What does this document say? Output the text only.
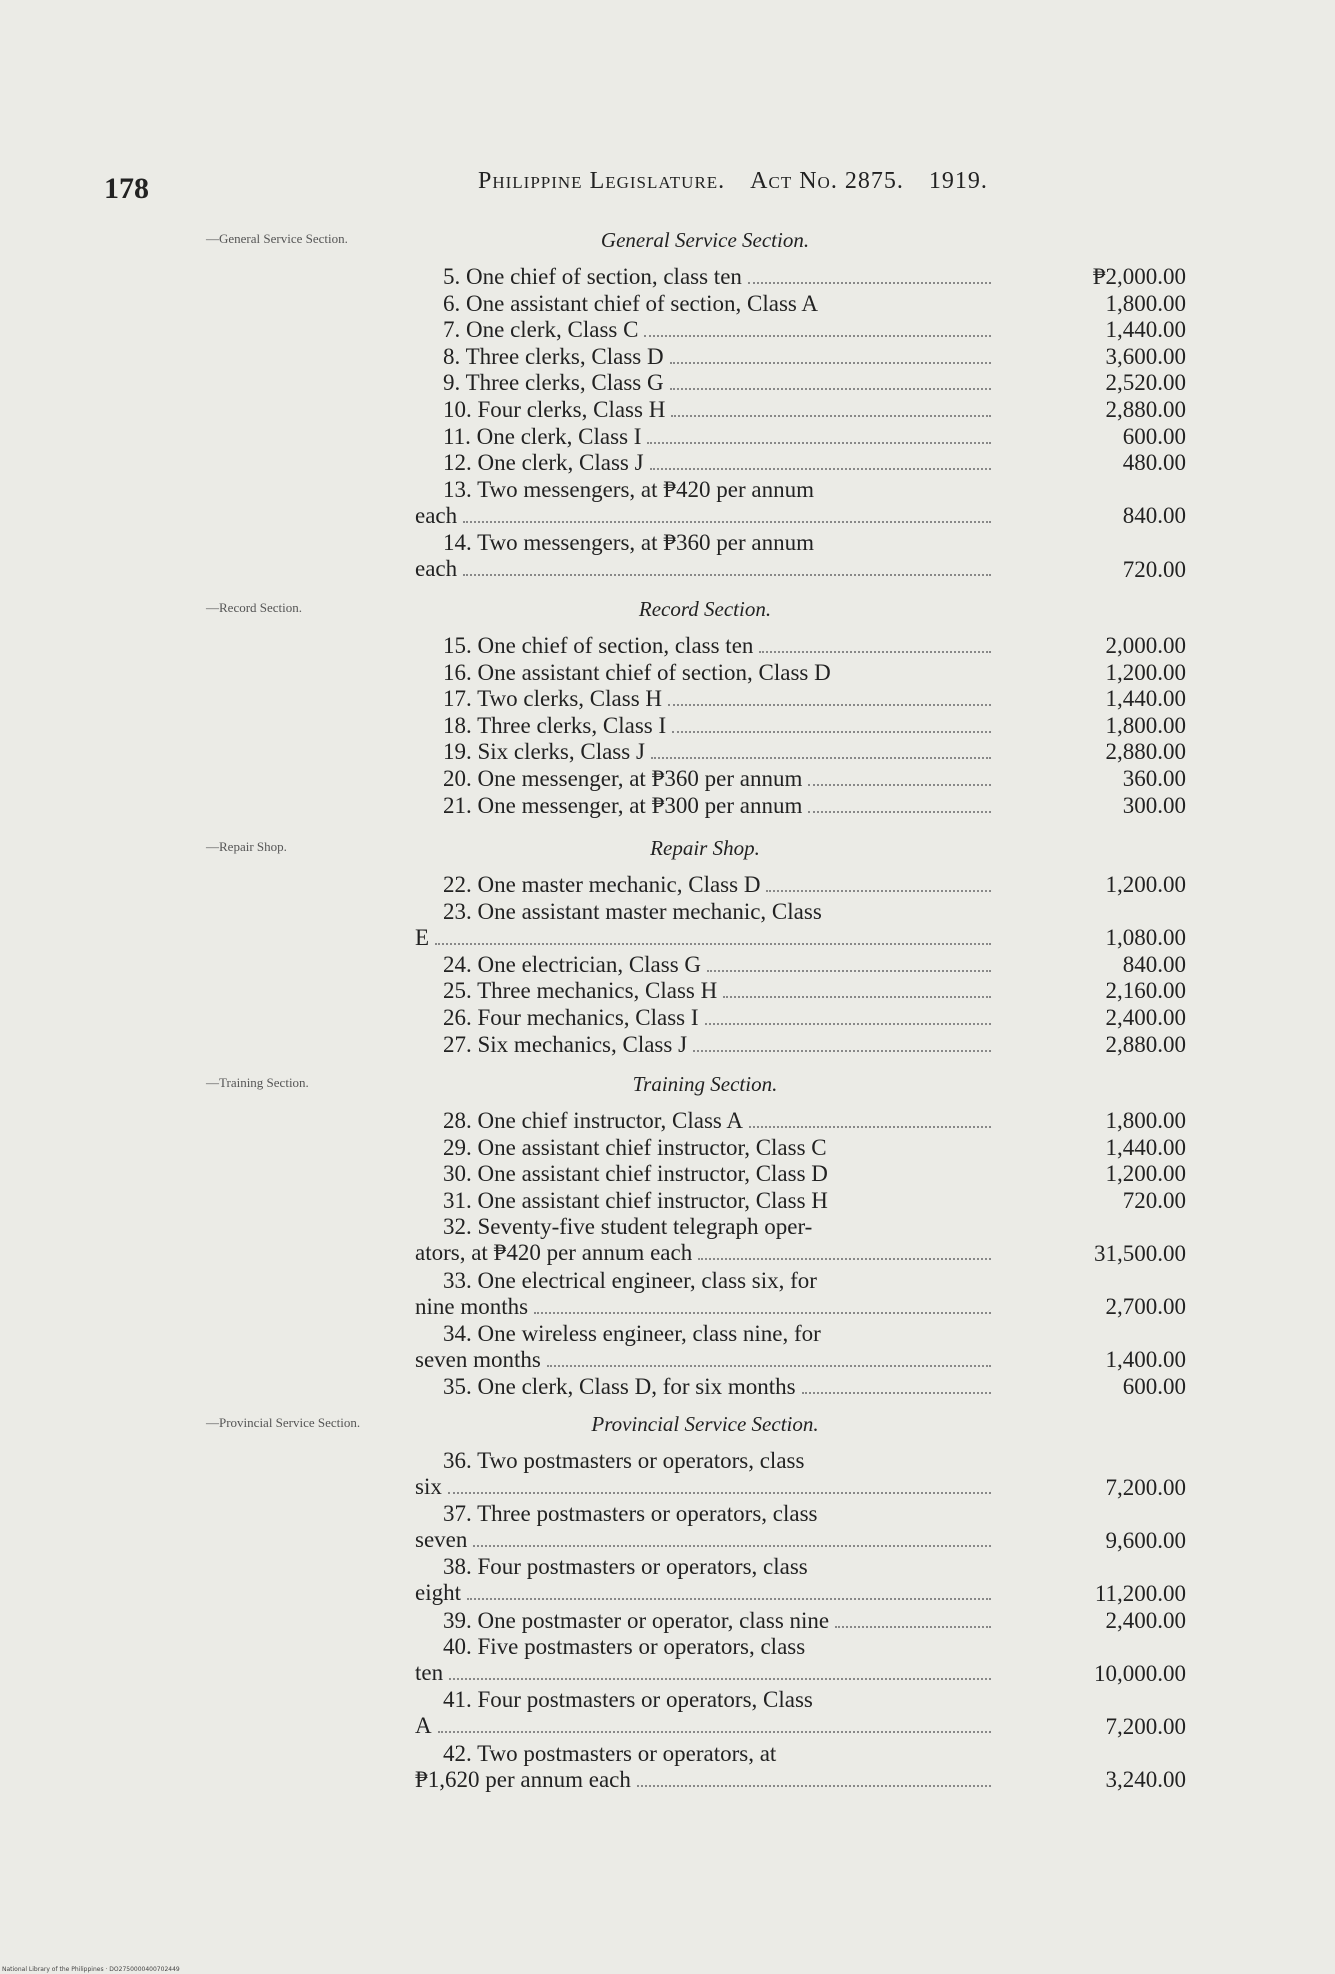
178	Philippine Legislature. Act No. 2875. 1919.
—General Service Section.	General Service Section.
5. One chief of section, class ten	₱2,000.00
6. One assistant chief of section, Class A	1,800.00
7. One clerk, Class C	1,440.00
8. Three clerks, Class D	3,600.00
9. Three clerks, Class G	2,520.00
10. Four clerks, Class H	2,880.00
11. One clerk, Class I	600.00
12. One clerk, Class J	480.00
13. Two messengers, at ₱420 per annum
each	840.00
14. Two messengers, at ₱360 per annum
each	720.00
—Record Section.	Record Section.
15. One chief of section, class ten	2,000.00
16. One assistant chief of section, Class D	1,200.00
17. Two clerks, Class H	1,440.00
18. Three clerks, Class I	1,800.00
19. Six clerks, Class J	2,880.00
20. One messenger, at ₱360 per annum	360.00
21. One messenger, at ₱300 per annum	300.00
—Repair Shop.	Repair Shop.
22. One master mechanic, Class D	1,200.00
23. One assistant master mechanic, Class
E	1,080.00
24. One electrician, Class G	840.00
25. Three mechanics, Class H	2,160.00
26. Four mechanics, Class I	2,400.00
27. Six mechanics, Class J	2,880.00
—Training Section.	Training Section.
28. One chief instructor, Class A	1,800.00
29. One assistant chief instructor, Class C	1,440.00
30. One assistant chief instructor, Class D	1,200.00
31. One assistant chief instructor, Class H	720.00
32. Seventy-five student telegraph oper-
ators, at ₱420 per annum each	31,500.00
33. One electrical engineer, class six, for
nine months	2,700.00
34. One wireless engineer, class nine, for
seven months	1,400.00
35. One clerk, Class D, for six months	600.00
—Provincial Service Section.	Provincial Service Section.
36. Two postmasters or operators, class
six	7,200.00
37. Three postmasters or operators, class
seven	9,600.00
38. Four postmasters or operators, class
eight	11,200.00
39. One postmaster or operator, class nine	2,400.00
40. Five postmasters or operators, class
ten	10,000.00
41. Four postmasters or operators, Class
A	7,200.00
42. Two postmasters or operators, at
₱1,620 per annum each	3,240.00
National Library of the Philippines · DO2750000400702449
